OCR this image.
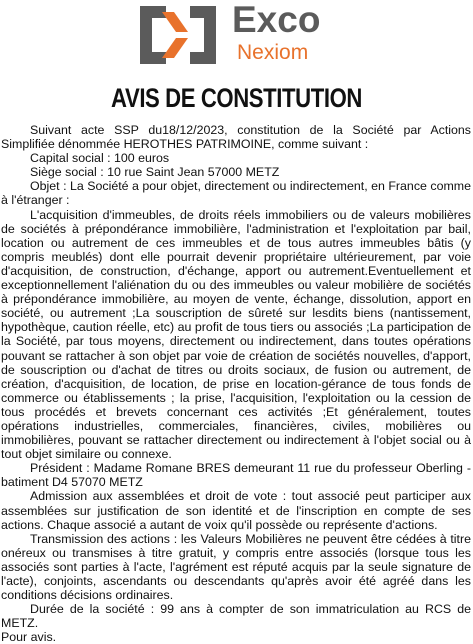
Exco
Nexiom
AVIS DE CONSTITUTION

Suivant acte SSP du18/12/2023, constitution de la Société par Actions Simplifiée dénommée HEROTHES PATRIMOINE, comme suivant :

Capital social : 100 euros

Siège social : 10 rue Saint Jean 57000 METZ

Objet : La Société a pour objet, directement ou indirectement, en France comme à l'étranger :

L'acquisition d'immeubles, de droits réels immobiliers ou de valeurs mobilières de sociétés à prépondérance immobilière, l'administration et l'exploitation par bail, location ou autrement de ces immeubles et de tous autres immeubles bâtis (y compris meublés) dont elle pourrait devenir propriétaire ultérieurement, par voie d'acquisition, de construction, d'échange, apport ou autrement.Eventuellement et exceptionnellement l'aliénation du ou des immeubles ou valeur mobilière de sociétés à prépondérance immobilière, au moyen de vente, échange, dissolution, apport en société, ou autrement ;La souscription de sûreté sur lesdits biens (nantissement, hypothèque, caution réelle, etc) au profit de tous tiers ou associés ;La participation de la Société, par tous moyens, directement ou indirectement, dans toutes opérations pouvant se rattacher à son objet par voie de création de sociétés nouvelles, d'apport, de souscription ou d'achat de titres ou droits sociaux, de fusion ou autrement, de création, d'acquisition, de location, de prise en location-gérance de tous fonds de commerce ou établissements ; la prise, l'acquisition, l'exploitation ou la cession de tous procédés et brevets concernant ces activités ;Et généralement, toutes opérations industrielles, commerciales, financières, civiles, mobilières ou immobilières, pouvant se rattacher directement ou indirectement à l'objet social ou à tout objet similaire ou connexe.

Président : Madame Romane BRES demeurant 11 rue du professeur Oberling - batiment D4 57070 METZ

Admission aux assemblées et droit de vote : tout associé peut participer aux assemblées sur justification de son identité et de l'inscription en compte de ses actions. Chaque associé a autant de voix qu'il possède ou représente d'actions.

Transmission des actions : les Valeurs Mobilières ne peuvent être cédées à titre onéreux ou transmises à titre gratuit, y compris entre associés (lorsque tous les associés sont parties à l'acte, l'agrément est réputé acquis par la seule signature de l'acte), conjoints, ascendants ou descendants qu'après avoir été agréé dans les conditions décisions ordinaires.

Durée de la société : 99 ans à compter de son immatriculation au RCS de METZ.

Pour avis.
